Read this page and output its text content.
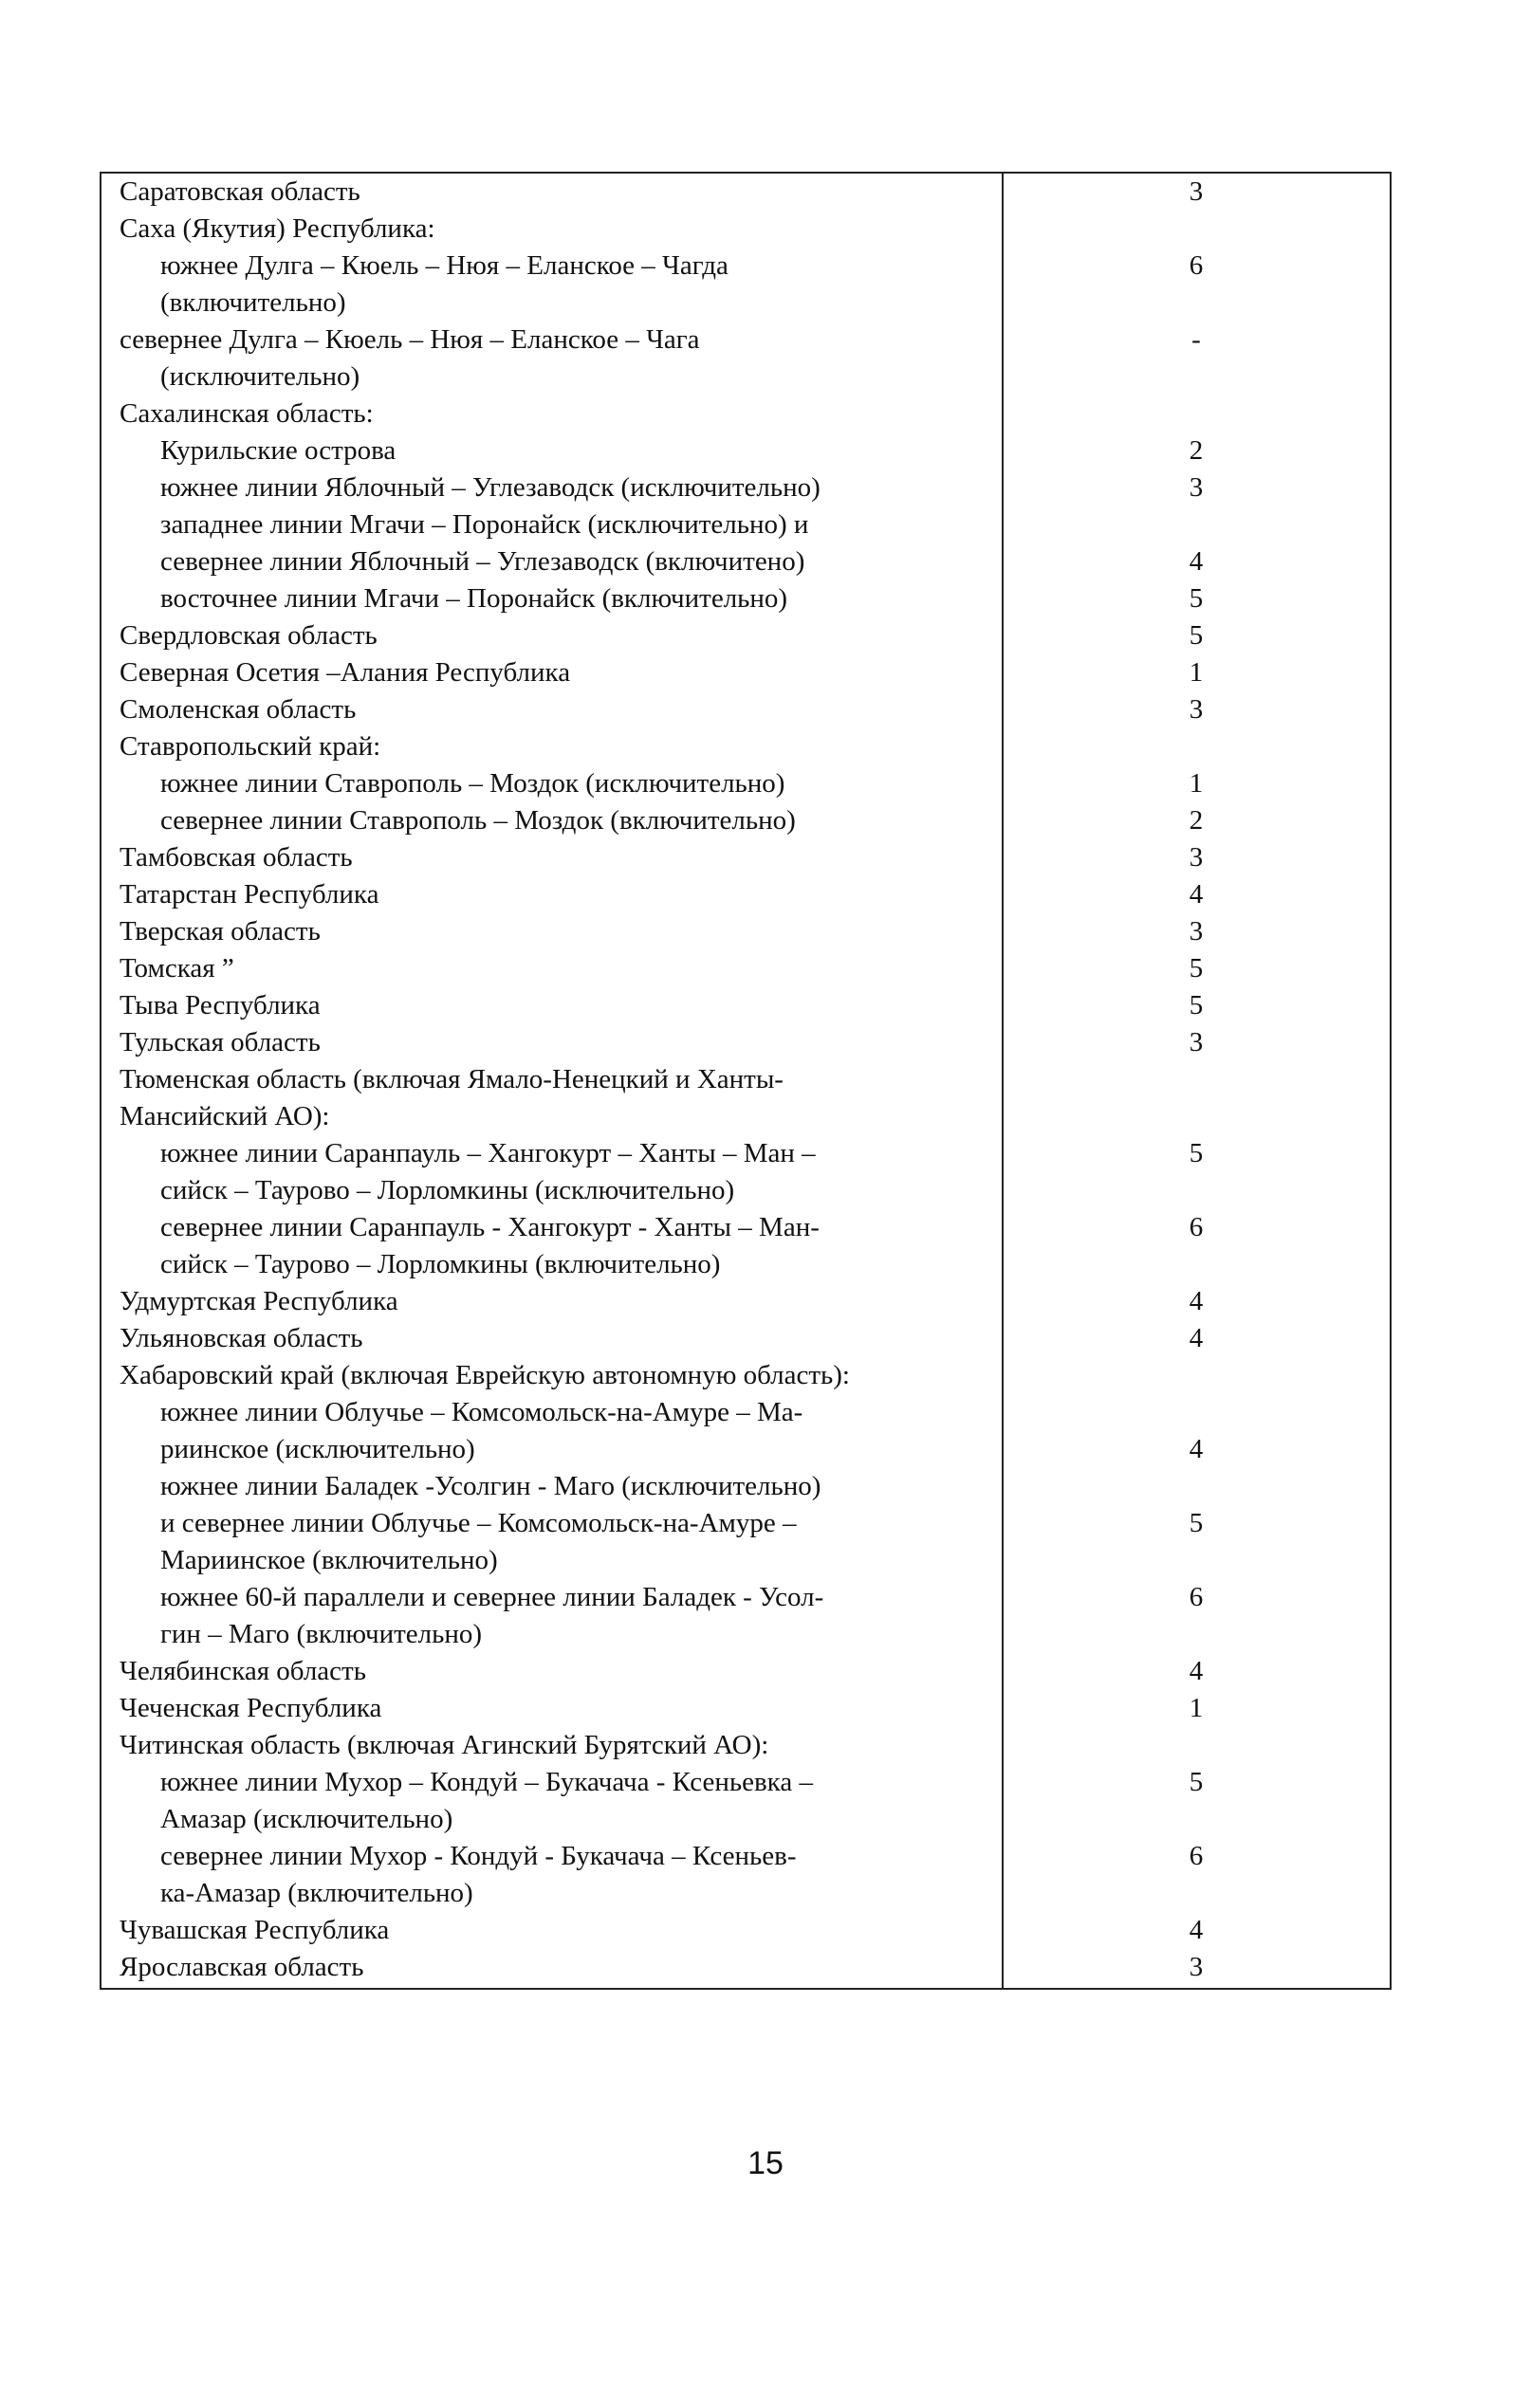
Саратовская область	3
Саха (Якутия) Республика:
южнее Дулга – Кюель – Нюя – Еланское – Чагда	6
(включительно)
севернее Дулга – Кюель – Нюя – Еланское – Чага	-
(исключительно)
Сахалинская область:
Курильские острова	2
южнее линии Яблочный – Углезаводск (исключительно)	3
западнее линии Мгачи – Поронайск (исключительно) и
севернее линии Яблочный – Углезаводск (включитено)	4
восточнее линии Мгачи – Поронайск (включительно)	5
Свердловская область	5
Северная Осетия –Алания Республика	1
Смоленская область	3
Ставропольский край:
южнее линии Ставрополь – Моздок (исключительно)	1
севернее линии Ставрополь – Моздок (включительно)	2
Тамбовская область	3
Татарстан Республика	4
Тверская область	3
Томская ”	5
Тыва Республика	5
Тульская область	3
Тюменская область (включая Ямало-Ненецкий и Ханты-
Мансийский АО):
южнее линии Саранпауль – Хангокурт – Ханты – Ман –	5
сийск – Таурово – Лорломкины (исключительно)
севернее линии Саранпауль - Хангокурт - Ханты – Ман-	6
сийск – Таурово – Лорломкины (включительно)
Удмуртская Республика	4
Ульяновская область	4
Хабаровский край (включая Еврейскую автономную область):
южнее линии Облучье – Комсомольск-на-Амуре – Ма-
риинское (исключительно)	4
южнее линии Баладек -Усолгин - Маго (исключительно)
и севернее линии Облучье – Комсомольск-на-Амуре –	5
Мариинское (включительно)
южнее 60-й параллели и севернее линии Баладек - Усол-	6
гин – Маго (включительно)
Челябинская область	4
Чеченская Республика	1
Читинская область (включая Агинский Бурятский АО):
южнее линии Мухор – Кондуй – Букачача - Ксеньевка –	5
Амазар (исключительно)
севернее линии Мухор - Кондуй - Букачача – Ксеньев-	6
ка-Амазар (включительно)
Чувашская Республика	4
Ярославская область	3
15
